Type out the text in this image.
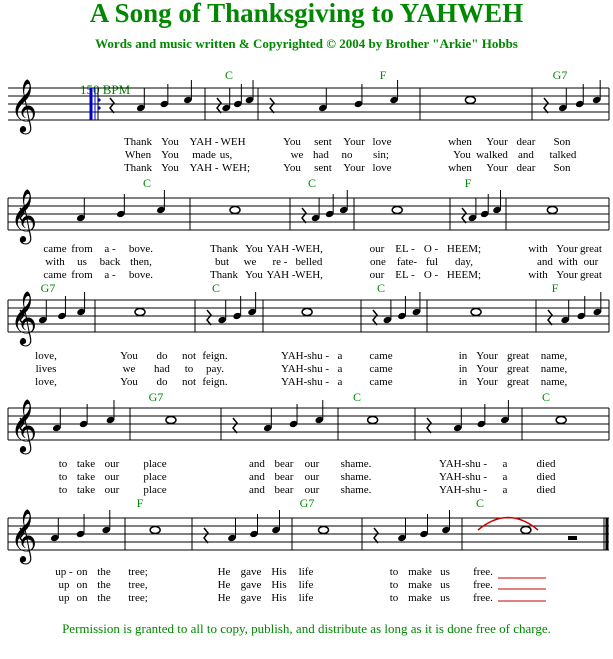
A Song of Thanksgiving to YAHWEH
Words and music written & Copyrighted © 2004 by Brother "Arkie" Hobbs
150 BPM
𝄞
𝄞
𝄞
𝄞
𝄞
C	F	G7
Thank You YAH - WEH	You sent Your love	when Your dear Son
When You made us,	we had no sin;	You walked and talked
Thank You YAH - WEH;	You sent Your love	when Your dear Son
C	C	F
came from a - bove.	Thank You YAH - WEH,	our EL - O - HEEM;	with Your great
with us back then,	but we re - belled	one fate- ful day,	and with our
came from a - bove.	Thank You YAH - WEH,	our EL - O - HEEM;	with Your great
G7	C	C	F
love,	You do not feign.	YAH-shu - a came	in Your great name,
lives	we had to pay.	YAH-shu - a came	in Your great name,
love,	You do not feign.	YAH-shu - a came	in Your great name,
G7	C	C
to take our place	and bear our shame.	YAH-shu - a	died
to take our place	and bear our shame.	YAH-shu - a	died
to take our place	and bear our shame.	YAH-shu - a	died
F	G7	C
up - on the tree;	He gave His life	to make us free.
up on the tree,	He gave His life	to make us free.
up on the tree;	He gave His life	to make us free.
Permission is granted to all to copy, publish, and distribute as long as it is done free of charge.
